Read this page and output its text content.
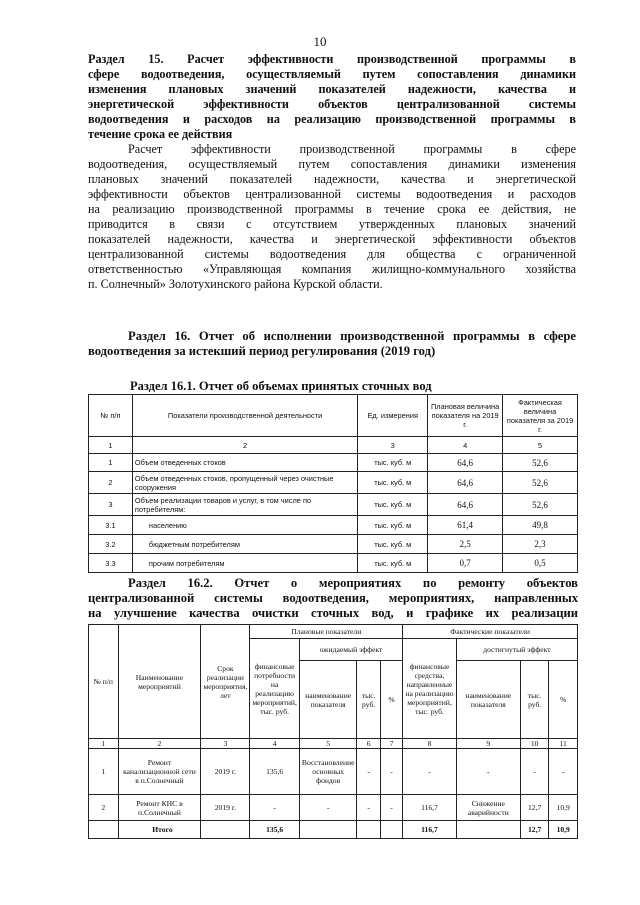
10
Раздел 15. Расчет эффективности производственной программы в
сфере водоотведения, осуществляемый путем сопоставления динамики
изменения плановых значений показателей надежности, качества и
энергетической эффективности объектов централизованной системы
водоотведения и расходов на реализацию производственной программы в
течение срока ее действия
Расчет эффективности производственной программы в сфере
водоотведения, осуществляемый путем сопоставления динамики изменения
плановых значений показателей надежности, качества и энергетической
эффективности объектов централизованной системы водоотведения и расходов
на реализацию производственной программы в течение срока ее действия, не
приводится в связи с отсутствием утвержденных плановых значений
показателей надежности, качества и энергетической эффективности объектов
централизованной системы водоотведения для общества с ограниченной
ответственностью «Управляющая компания жилищно-коммунального хозяйства
п. Солнечный» Золотухинского района Курской области.
Раздел 16. Отчет об исполнении производственной программы в сфере
водоотведения за истекший период регулирования (2019 год)
Раздел 16.1. Отчет об объемах принятых сточных вод
№ п/п	Показатели производственной деятельности	Ед. измерения	Плановая величина показателя на 2019 г.	Фактическая величина показателя за 2019 г.
1	2	3	4	5
1	Объем отведенных стоков	тыс. куб. м	64,6	52,6
2	Объем отведенных стоков, пропущенный через очистные сооружения	тыс. куб. м	64,6	52,6
3	Объем реализации товаров и услуг, в том числе по потребителям:	тыс. куб. м	64,6	52,6
3.1	населению	тыс. куб. м	61,4	49,8
3.2	бюджетным потребителям	тыс. куб. м	2,5	2,3
3.3	прочим потребителям	тыс. куб. м	0,7	0,5
Раздел 16.2. Отчет о мероприятиях по ремонту объектов
централизованной системы водоотведения, мероприятиях, направленных
на улучшение качества очистки сточных вод, и графике их реализации
№ п/п	Наименование мероприятий	Срок реализации мероприятия, лет	Плановые показатели				Фактические показатели			
			финансовые потребности на реализацию мероприятий, тыс. руб.	ожидаемый эффект			финансовые средства, направленные на реализацию мероприятий, тыс. руб.	достигнутый эффект		
				наименование показателя	тыс. руб.	%		наименование показателя	тыс. руб.	%
1	2	3	4	5	6	7	8	9	10	11
1	Ремонт канализационной сети в п.Солнечный	2019 г.	135,6	Восстановление основных фондов	-	-	-	-	-	-
2	Ремонт КНС в п.Солнечный	2019 г.	-	-	-	-	116,7	Снижение аварийности	12,7	10,9
	Итого		135,6				116,7		12,7	10,9
